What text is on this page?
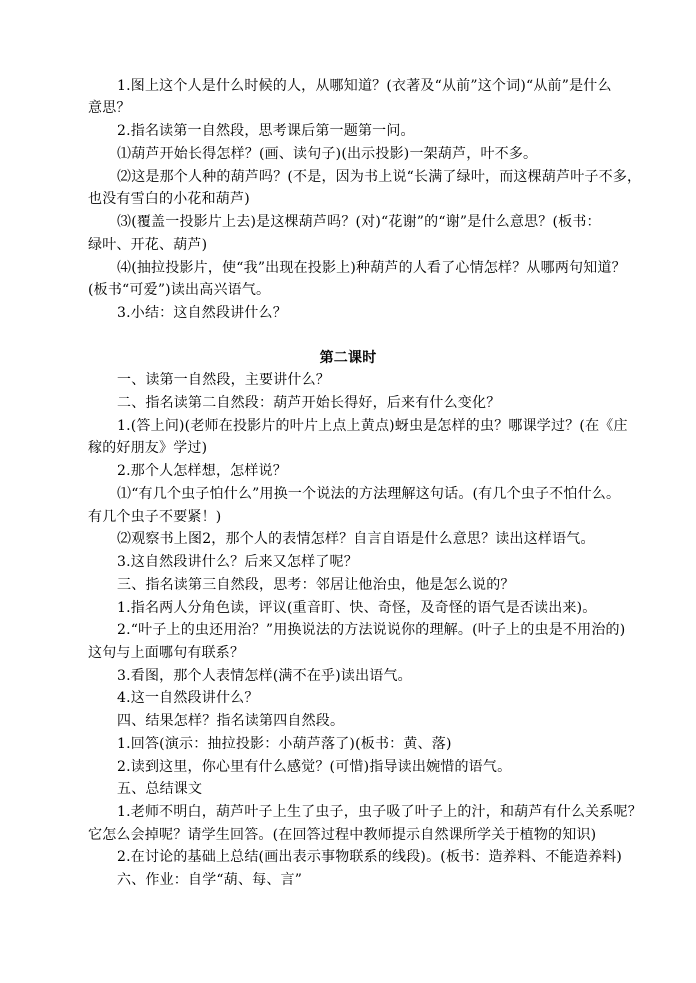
1.图上这个人是什么时候的人，从哪知道？(衣著及“从前”这个词)“从前”是什么
意思？
2.指名读第一自然段，思考课后第一题第一问。
⑴葫芦开始长得怎样？(画、读句子)(出示投影)一架葫芦，叶不多。
⑵这是那个人种的葫芦吗？(不是，因为书上说“长满了绿叶，而这棵葫芦叶子不多，
也没有雪白的小花和葫芦)
⑶(覆盖一投影片上去)是这棵葫芦吗？(对)“花谢”的“谢”是什么意思？(板书：
绿叶、开花、葫芦)
⑷(抽拉投影片，使“我”出现在投影上)种葫芦的人看了心情怎样？从哪两句知道？
(板书“可爱”)读出高兴语气。
3.小结：这自然段讲什么？
第二课时
一、读第一自然段，主要讲什么？
二、指名读第二自然段：葫芦开始长得好，后来有什么变化？
1.(答上问)(老师在投影片的叶片上点上黄点)蚜虫是怎样的虫？哪课学过？(在《庄
稼的好朋友》学过)
2.那个人怎样想，怎样说？
⑴“有几个虫子怕什么”用换一个说法的方法理解这句话。(有几个虫子不怕什么。
有几个虫子不要紧！)
⑵观察书上图2，那个人的表情怎样？自言自语是什么意思？读出这样语气。
3.这自然段讲什么？后来又怎样了呢？
三、指名读第三自然段，思考：邻居让他治虫，他是怎么说的？
1.指名两人分角色读，评议(重音盯、快、奇怪，及奇怪的语气是否读出来)。
2.“叶子上的虫还用治？”用换说法的方法说说你的理解。(叶子上的虫是不用治的)
这句与上面哪句有联系？
3.看图，那个人表情怎样(满不在乎)读出语气。
4.这一自然段讲什么？
四、结果怎样？指名读第四自然段。
1.回答(演示：抽拉投影：小葫芦落了)(板书：黄、落)
2.读到这里，你心里有什么感觉？(可惜)指导读出婉惜的语气。
五、总结课文
1.老师不明白，葫芦叶子上生了虫子，虫子吸了叶子上的汁，和葫芦有什么关系呢？
它怎么会掉呢？请学生回答。(在回答过程中教师提示自然课所学关于植物的知识)
2.在讨论的基础上总结(画出表示事物联系的线段)。(板书：造养料、不能造养料)
六、作业：自学“葫、每、言”
